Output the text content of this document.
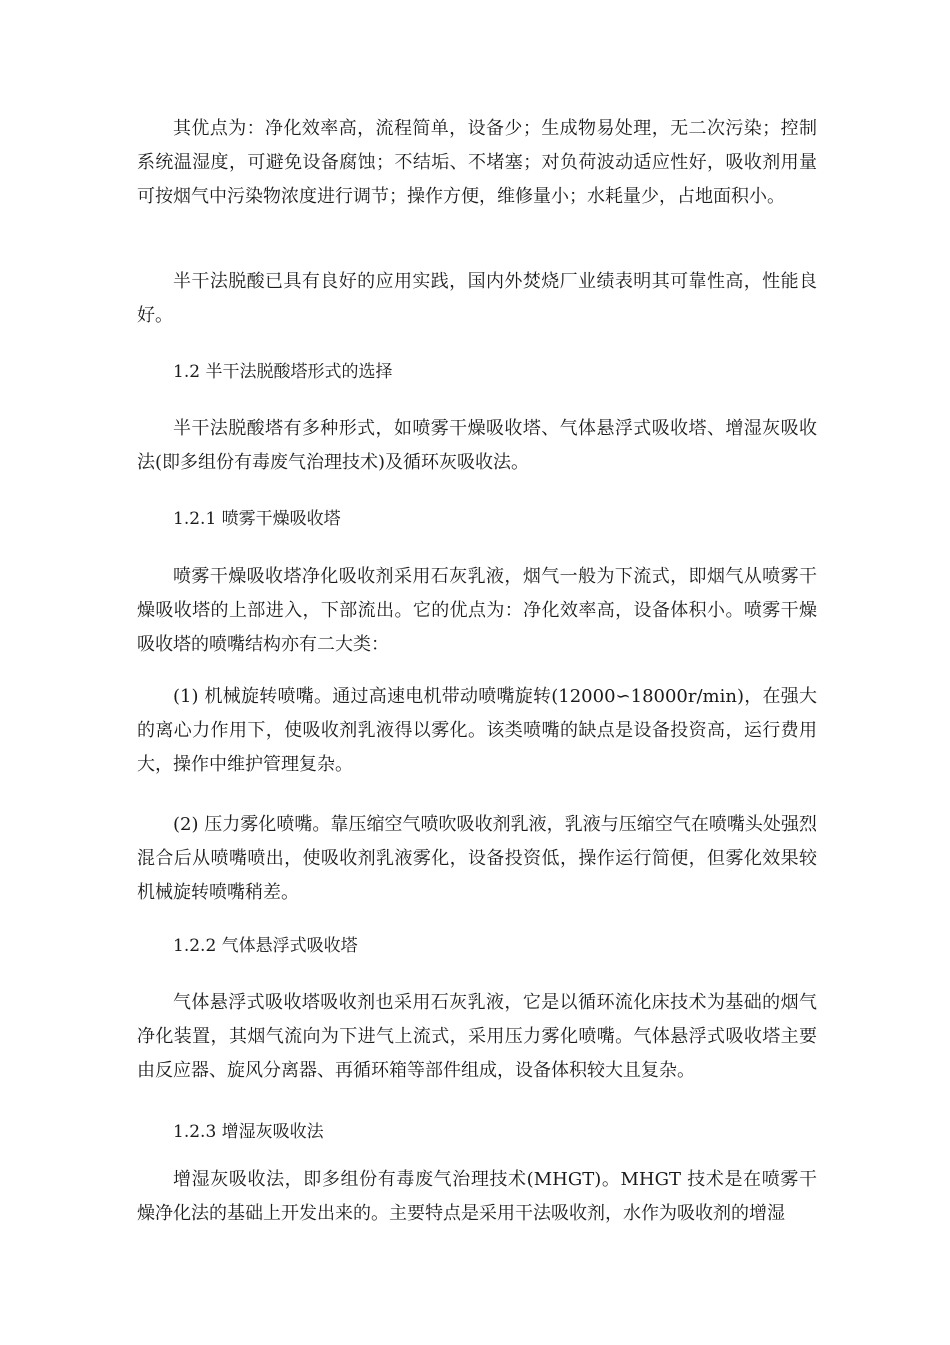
其优点为：净化效率高，流程简单，设备少；生成物易处理，无二次污染；控制系统温湿度，可避免设备腐蚀；不结垢、不堵塞；对负荷波动适应性好，吸收剂用量可按烟气中污染物浓度进行调节；操作方便，维修量小；水耗量少，占地面积小。

半干法脱酸已具有良好的应用实践，国内外焚烧厂业绩表明其可靠性高，性能良好。

1.2 半干法脱酸塔形式的选择

半干法脱酸塔有多种形式，如喷雾干燥吸收塔、气体悬浮式吸收塔、增湿灰吸收法(即多组份有毒废气治理技术)及循环灰吸收法。

1.2.1 喷雾干燥吸收塔

喷雾干燥吸收塔净化吸收剂采用石灰乳液，烟气一般为下流式，即烟气从喷雾干燥吸收塔的上部进入，下部流出。它的优点为：净化效率高，设备体积小。喷雾干燥吸收塔的喷嘴结构亦有二大类：

(1) 机械旋转喷嘴。通过高速电机带动喷嘴旋转(12000∽18000r/min)，在强大的离心力作用下，使吸收剂乳液得以雾化。该类喷嘴的缺点是设备投资高，运行费用大，操作中维护管理复杂。

(2) 压力雾化喷嘴。靠压缩空气喷吹吸收剂乳液，乳液与压缩空气在喷嘴头处强烈混合后从喷嘴喷出，使吸收剂乳液雾化，设备投资低，操作运行简便，但雾化效果较机械旋转喷嘴稍差。

1.2.2 气体悬浮式吸收塔

气体悬浮式吸收塔吸收剂也采用石灰乳液，它是以循环流化床技术为基础的烟气净化装置，其烟气流向为下进气上流式，采用压力雾化喷嘴。气体悬浮式吸收塔主要由反应器、旋风分离器、再循环箱等部件组成，设备体积较大且复杂。

1.2.3 增湿灰吸收法

增湿灰吸收法，即多组份有毒废气治理技术(MHGT)。MHGT 技术是在喷雾干燥净化法的基础上开发出来的。主要特点是采用干法吸收剂，水作为吸收剂的增湿
